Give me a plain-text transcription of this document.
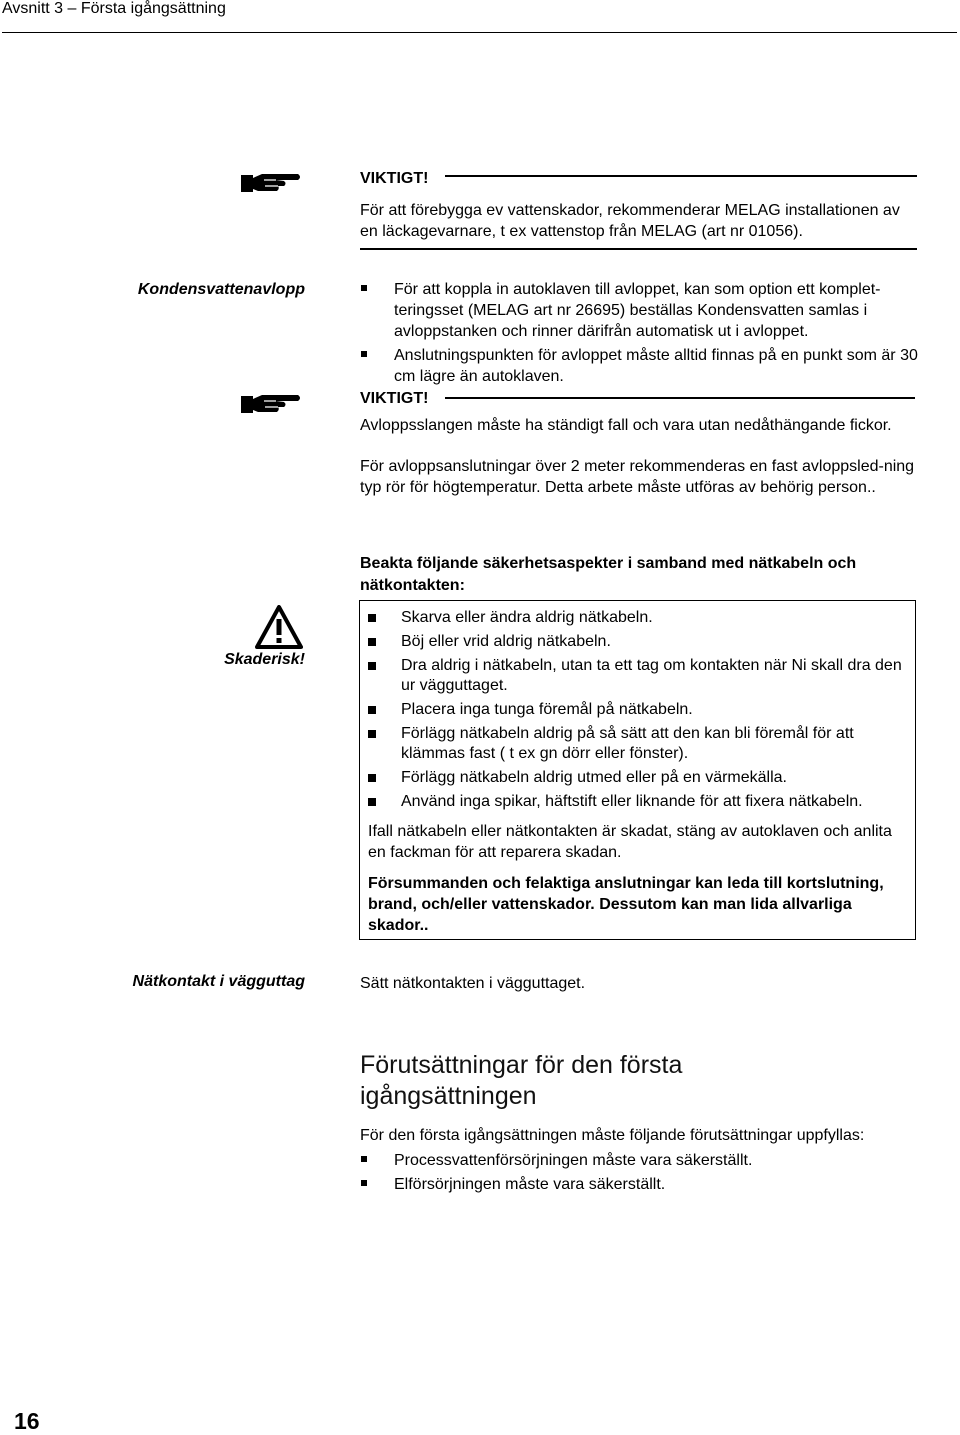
Avsnitt 3 – Första igångsättning
VIKTIGT!
För att förebygga ev vattenskador, rekommenderar MELAG installationen av en läckagevarnare, t ex vattenstop från MELAG (art nr 01056).
Kondensvattenavlopp	För att koppla in autoklaven till avloppet, kan som option ett komplet-teringsset (MELAG art nr 26695) beställas Kondensvatten samlas i avloppstanken och rinner därifrån automatisk ut i avloppet.
Anslutningspunkten för avloppet måste alltid finnas på en punkt som är 30 cm lägre än autoklaven.
VIKTIGT!
Avloppsslangen måste ha ständigt fall och vara utan nedåthängande fickor.
För avloppsanslutningar över 2 meter rekommenderas en fast avloppsled-ning typ rör för högtemperatur. Detta arbete måste utföras av behörig person..
Beakta följande säkerhetsaspekter i samband med nätkabeln och nätkontakten:
Skaderisk!
Skarva eller ändra aldrig nätkabeln.
Böj eller vrid aldrig nätkabeln.
Dra aldrig i nätkabeln, utan ta ett tag om kontakten när Ni skall dra den ur vägguttaget.
Placera inga tunga föremål på nätkabeln.
Förlägg nätkabeln aldrig på så sätt att den kan bli föremål för att klämmas fast ( t ex gn dörr eller fönster).
Förlägg nätkabeln aldrig utmed eller på en värmekälla.
Använd inga spikar, häftstift eller liknande för att fixera nätkabeln.
Ifall nätkabeln eller nätkontakten är skadat, stäng av autoklaven och anlita en fackman för att reparera skadan.
Försummanden och felaktiga anslutningar kan leda till kortslutning, brand, och/eller vattenskador. Dessutom kan man lida allvarliga skador..
Nätkontakt i vägguttag	Sätt nätkontakten i vägguttaget.
Förutsättningar för den första igångsättningen
För den första igångsättningen måste följande förutsättningar uppfyllas:
Processvattenförsörjningen måste vara säkerställt.
Elförsörjningen måste vara säkerställt.
16
